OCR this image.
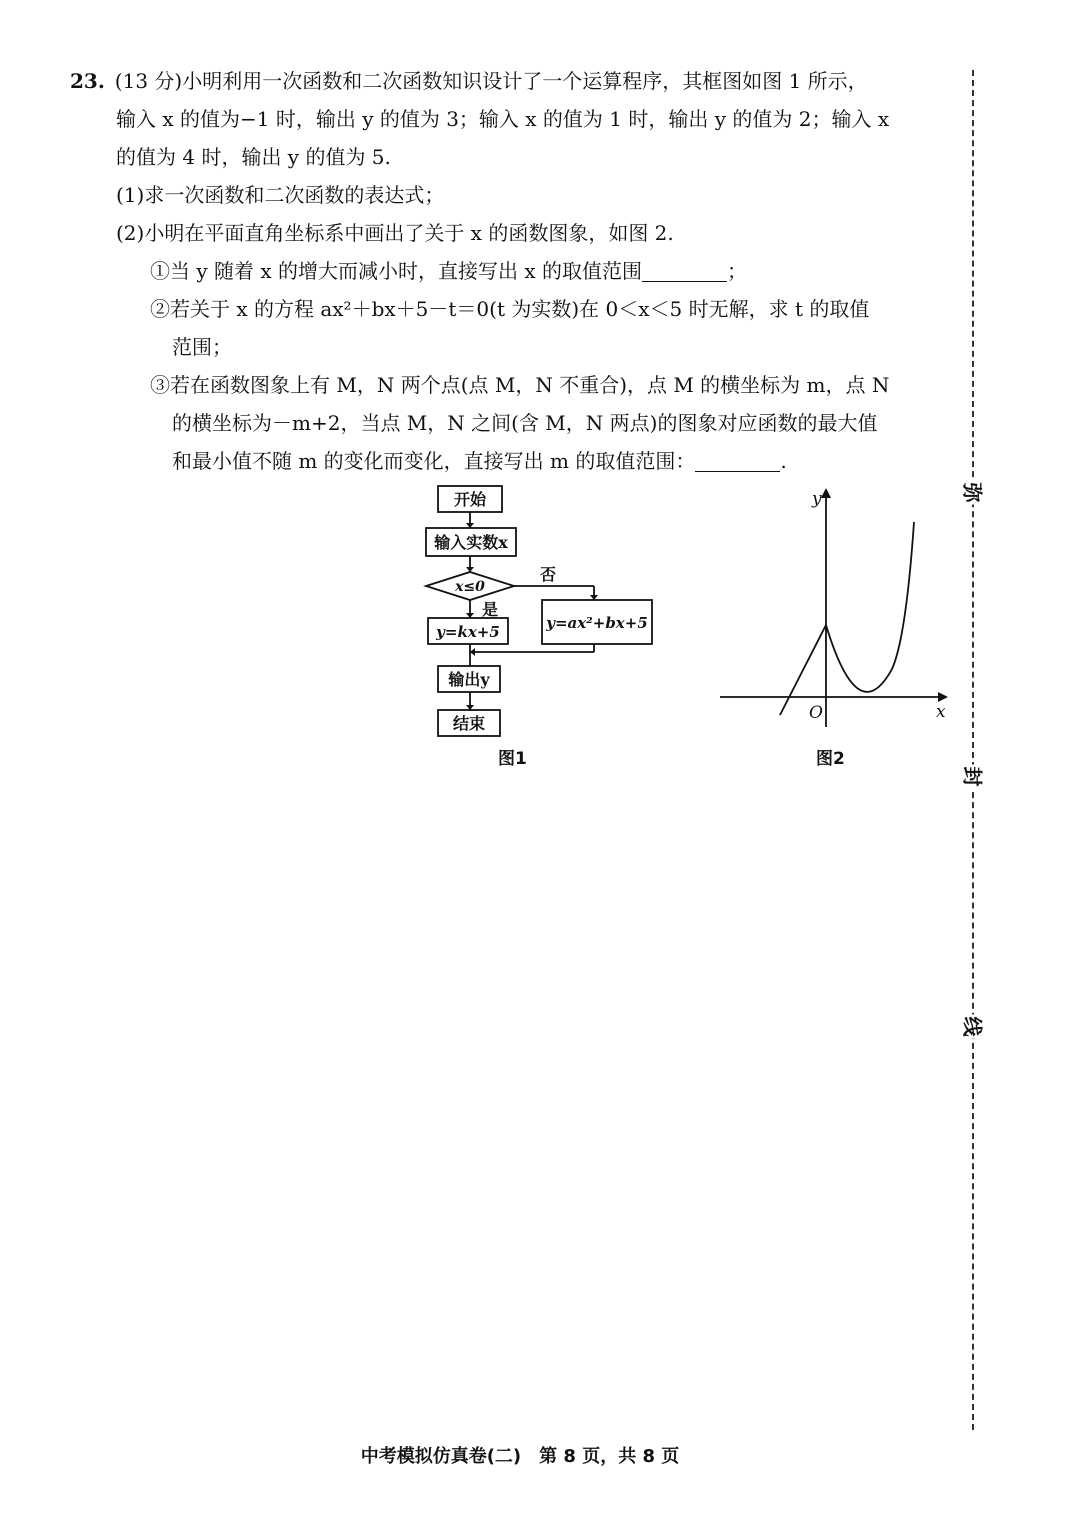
23. (13 分)小明利用一次函数和二次函数知识设计了一个运算程序，其框图如图 1 所示，
输入 x 的值为−1 时，输出 y 的值为 3；输入 x 的值为 1 时，输出 y 的值为 2；输入 x
的值为 4 时，输出 y 的值为 5.
(1)求一次函数和二次函数的表达式；
(2)小明在平面直角坐标系中画出了关于 x 的函数图象，如图 2.
①当 y 随着 x 的增大而减小时，直接写出 x 的取值范围	；
②若关于 x 的方程 ax²＋bx＋5－t＝0(t 为实数)在 0＜x＜5 时无解，求 t 的取值
范围；
③若在函数图象上有 M，N 两个点(点 M，N 不重合)，点 M 的横坐标为 m，点 N
的横坐标为－m+2，当点 M，N 之间(含 M，N 两点)的图象对应函数的最大值
和最小值不随 m 的变化而变化，直接写出 m 的取值范围：	.
开始
输入实数x
x≤0
否
是
y=kx+5	y=ax²+bx+5
输出y
结束
图1
y
x
O
图2
弥
封
线
中考模拟仿真卷(二)　第 8 页，共 8 页
